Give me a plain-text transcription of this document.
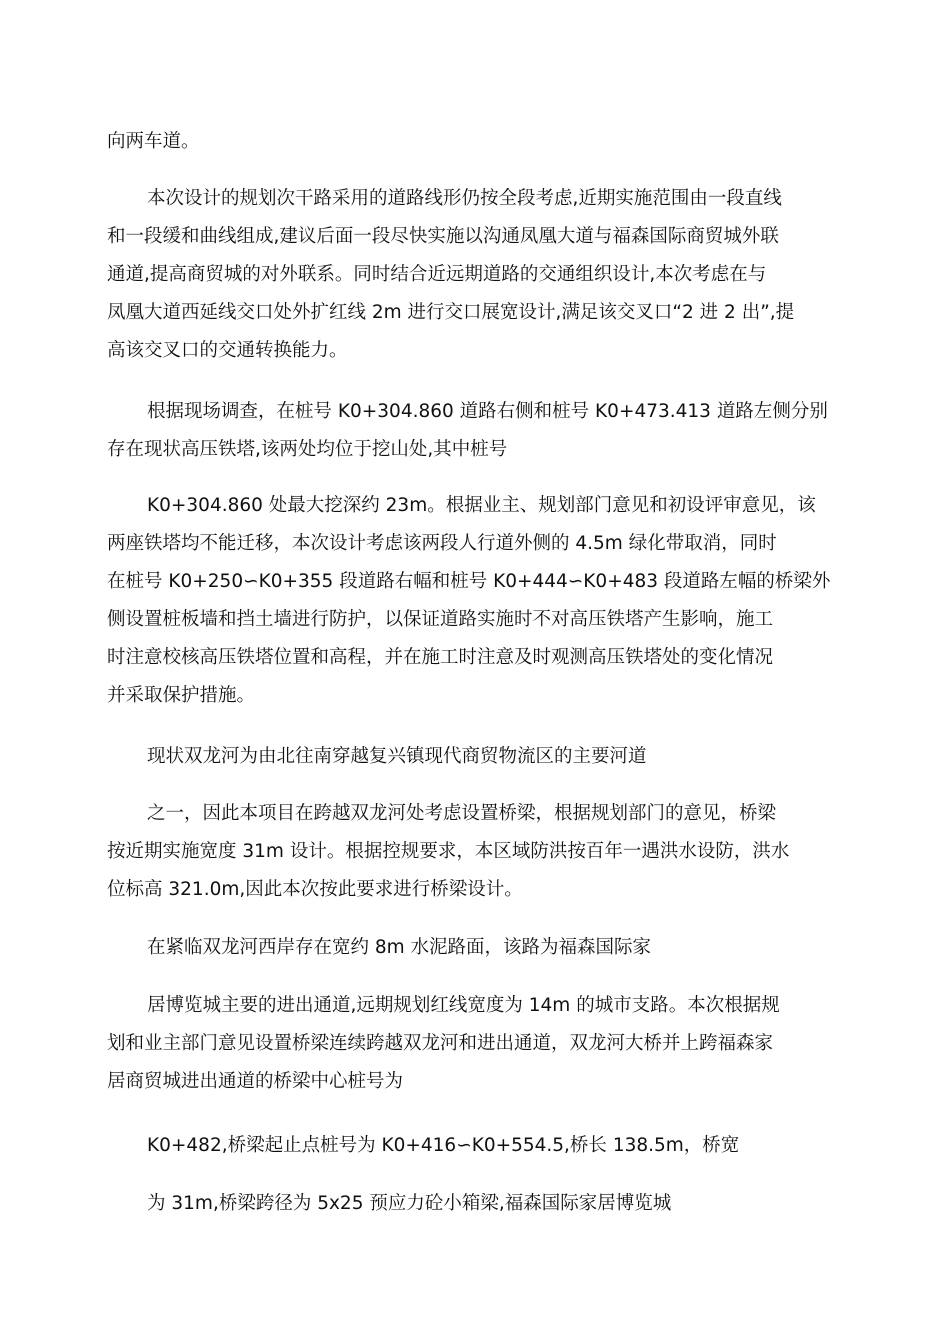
向两车道。
本次设计的规划次干路采用的道路线形仍按全段考虑,近期实施范围由一段直线
和一段缓和曲线组成,建议后面一段尽快实施以沟通凤凰大道与福森国际商贸城外联
通道,提高商贸城的对外联系。同时结合近远期道路的交通组织设计,本次考虑在与
凤凰大道西延线交口处外扩红线 2m 进行交口展宽设计,满足该交叉口“2 进 2 出”,提
高该交叉口的交通转换能力。
根据现场调查，在桩号 K0+304.860 道路右侧和桩号 K0+473.413 道路左侧分别
存在现状高压铁塔,该两处均位于挖山处,其中桩号
K0+304.860 处最大挖深约 23m。根据业主、规划部门意见和初设评审意见，该
两座铁塔均不能迁移，本次设计考虑该两段人行道外侧的 4.5m 绿化带取消，同时
在桩号 K0+250∽K0+355 段道路右幅和桩号 K0+444∽K0+483 段道路左幅的桥梁外
侧设置桩板墙和挡土墙进行防护，以保证道路实施时不对高压铁塔产生影响，施工
时注意校核高压铁塔位置和高程，并在施工时注意及时观测高压铁塔处的变化情况
并采取保护措施。
现状双龙河为由北往南穿越复兴镇现代商贸物流区的主要河道
之一，因此本项目在跨越双龙河处考虑设置桥梁，根据规划部门的意见，桥梁
按近期实施宽度 31m 设计。根据控规要求，本区域防洪按百年一遇洪水设防，洪水
位标高 321.0m,因此本次按此要求进行桥梁设计。
在紧临双龙河西岸存在宽约 8m 水泥路面，该路为福森国际家
居博览城主要的进出通道,远期规划红线宽度为 14m 的城市支路。本次根据规
划和业主部门意见设置桥梁连续跨越双龙河和进出通道，双龙河大桥并上跨福森家
居商贸城进出通道的桥梁中心桩号为
K0+482,桥梁起止点桩号为 K0+416∽K0+554.5,桥长 138.5m，桥宽
为 31m,桥梁跨径为 5x25 预应力砼小箱梁,福森国际家居博览城
